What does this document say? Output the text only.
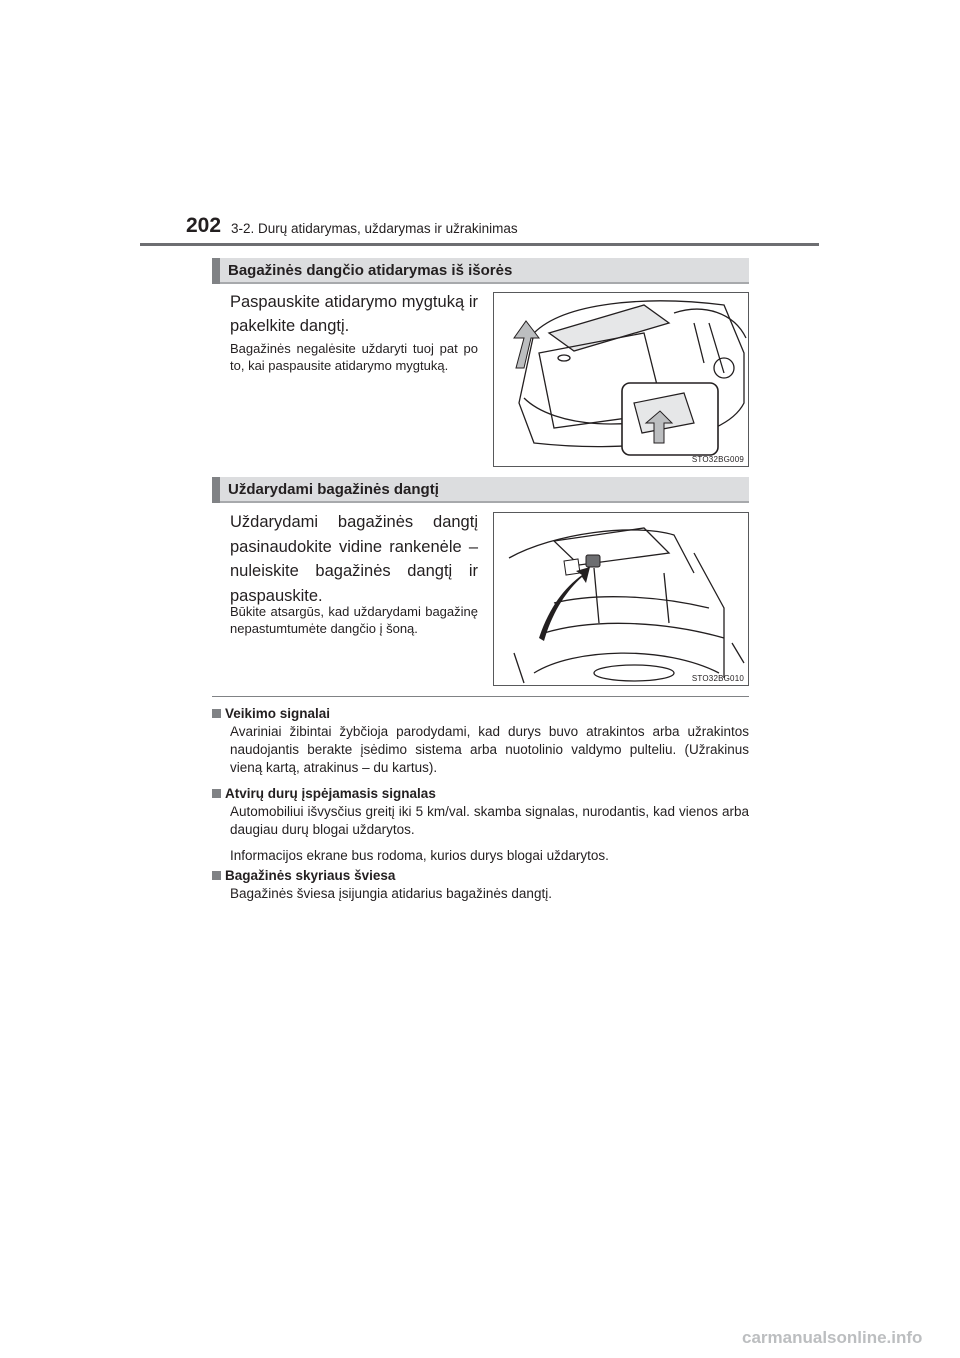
202 3-2. Durų atidarymas, uždarymas ir užrakinimas
Bagažinės dangčio atidarymas iš išorės
Paspauskite atidarymo mygtuką ir pakelkite dangtį.
Bagažinės negalėsite uždaryti tuoj pat po to, kai paspausite atidarymo mygtuką.
STO32BG009
Uždarydami bagažinės dangtį
Uždarydami bagažinės dangtį pasinaudokite vidine rankenėle – nuleiskite bagažinės dangtį ir paspauskite.
Būkite atsargūs, kad uždarydami bagažinę nepastumtumėte dangčio į šoną.
STO32BG010
Veikimo signalai
Avariniai žibintai žybčioja parodydami, kad durys buvo atrakintos arba užrakintos naudojantis berakte įsėdimo sistema arba nuotolinio valdymo pulteliu. (Užrakinus vieną kartą, atrakinus – du kartus).
Atvirų durų įspėjamasis signalas
Automobiliui išvysčius greitį iki 5 km/val. skamba signalas, nurodantis, kad vienos arba daugiau durų blogai uždarytos.
Informacijos ekrane bus rodoma, kurios durys blogai uždarytos.
Bagažinės skyriaus šviesa
Bagažinės šviesa įsijungia atidarius bagažinės dangtį.
carmanualsonline.info
